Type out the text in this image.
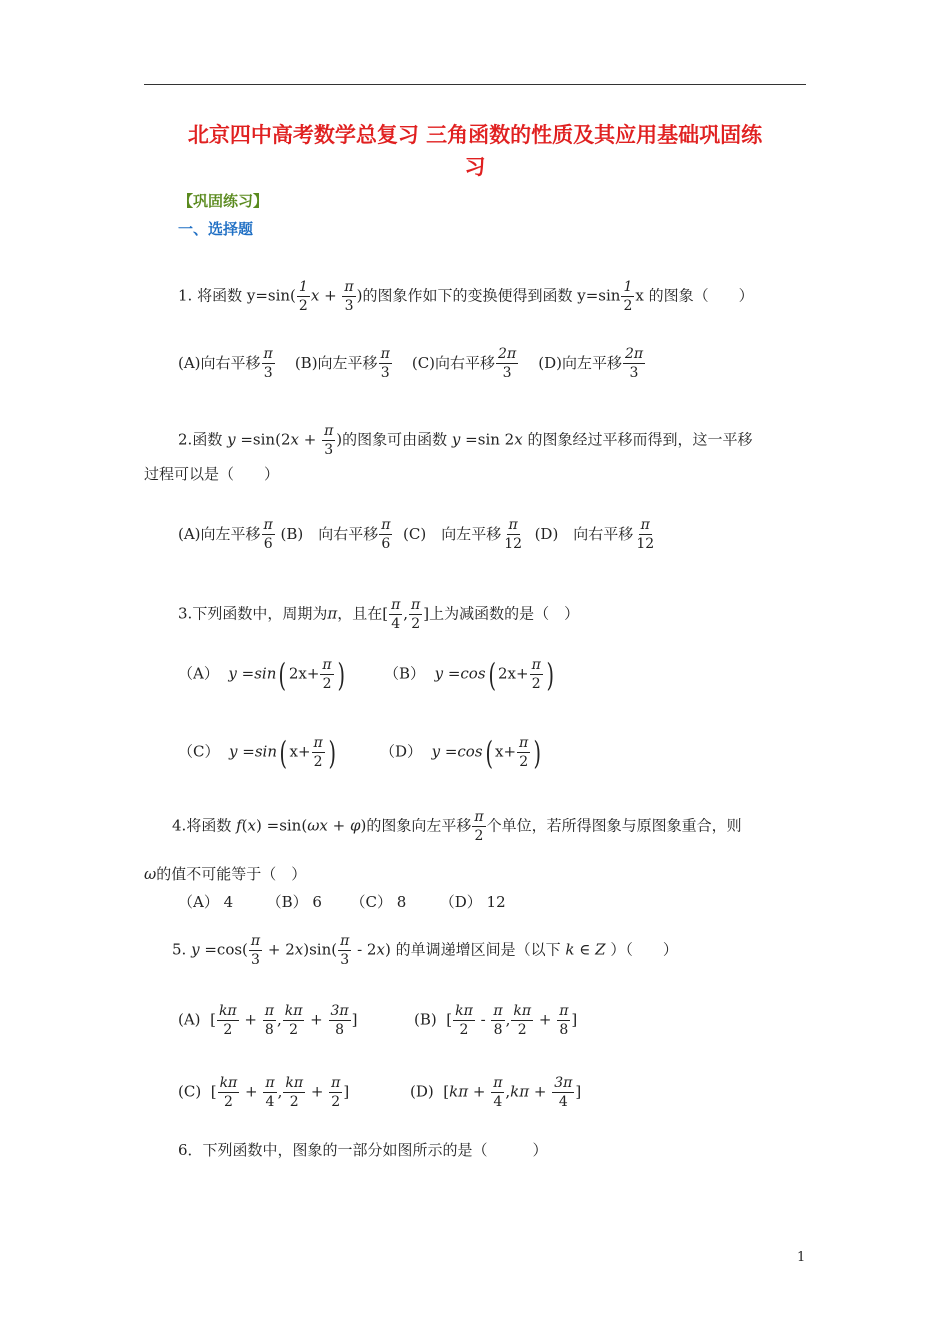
北京四中高考数学总复习 三角函数的性质及其应用基础巩固练
习
【巩固练习】
一、选择题
1. 将函数 $y=\sin( \frac{1}{2}$ $x + \frac{\pi}{3}$ )的图象作如下的变换便得到函数 $y=\sin \frac{1}{2}$ x 的图象（　　）
(A)向右平移 $\frac{\pi}{3} (B)$向左平移 $\frac{\pi}{3} (C)$向右平移 $\frac{2\pi}{3} (D)$向左平移 $\frac{2\pi}{3}$
2.函数 $y =\sin(2x + \frac{\pi}{3}$ )的图象可由函数 y =sin 2x 的图象经过平移而得到，这一平移
过程可以是（　　）
(A)向左平移 $\frac{\pi}{6} (B)$　向右平移 $\frac{\pi}{6} (C)$　向左平移 $\frac{\pi}{12} (D)$　向右平移 $\frac{\pi}{12}$
3.下列函数中，周期为π，且在[ $\frac{\pi}{4}$ , $\frac{\pi}{2}$ ]上为减函数的是（　）
（A） y =sin( $2x+ \frac{\pi}{2}$ )	（B） y =cos( $2x+ \frac{\pi}{2}$ )
（C） y =sin( $x+ \frac{\pi}{2}$ )	（D） y =cos( $x+ \frac{\pi}{2}$ )
4.将函数 f(x) =sin(ωx + φ)的图象向左平移 $\frac{\pi}{2}$ 个单位，若所得图象与原图象重合，则
ω的值不可能等于（　）
（A） 4 （B） 6 （C） 8 （D） 12
5. $y =\cos( \frac{\pi}{3} + 2x)\sin( \frac{\pi}{3} - 2x)$ 的单调递增区间是（以下 k ∈ Z ）（　　）
(A)  [ $\frac{k\pi}{2} + \frac{\pi}{8}$ , $\frac{k\pi}{2} + \frac{3\pi}{8}$ ]	(B)  [ $\frac{k\pi}{2} - \frac{\pi}{8}$ , $\frac{k\pi}{2} + \frac{\pi}{8}$ ]
(C)  [ $\frac{k\pi}{2} + \frac{\pi}{4}$ , $\frac{k\pi}{2} + \frac{\pi}{2}$ ]	(D)  [$k\pi + \frac{\pi}{4} ,k\pi + \frac{3\pi}{4}$ ]
6．下列函数中，图象的一部分如图所示的是（　　　）
1
